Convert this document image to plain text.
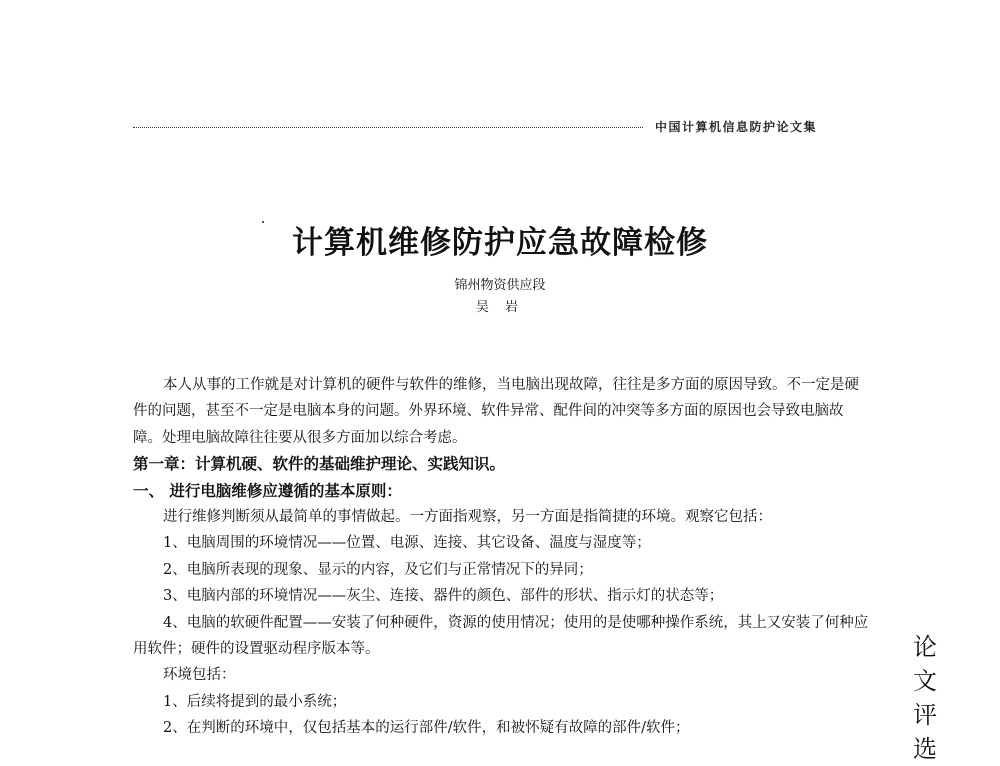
中国计算机信息防护论文集
计算机维修防护应急故障检修
锦州物资供应段
吴 岩

本人从事的工作就是对计算机的硬件与软件的维修，当电脑出现故障，往往是多方面的原因导致。不一定是硬件的问题，甚至不一定是电脑本身的问题。外界环境、软件异常、配件间的冲突等多方面的原因也会导致电脑故障。处理电脑故障往往要从很多方面加以综合考虑。

第一章：计算机硬、软件的基础维护理论、实践知识。

一、 进行电脑维修应遵循的基本原则：

进行维修判断须从最简单的事情做起。一方面指观察，另一方面是指简捷的环境。观察它包括：

1、电脑周围的环境情况——位置、电源、连接、其它设备、温度与湿度等；

2、电脑所表现的现象、显示的内容，及它们与正常情况下的异同；

3、电脑内部的环境情况——灰尘、连接、器件的颜色、部件的形状、指示灯的状态等；

4、电脑的软硬件配置——安装了何种硬件，资源的使用情况；使用的是使哪种操作系统，其上又安装了何种应用软件；硬件的设置驱动程序版本等。

环境包括：

1、后续将提到的最小系统；

2、在判断的环境中，仅包括基本的运行部件/软件，和被怀疑有故障的部件/软件；

论
文
评
选
